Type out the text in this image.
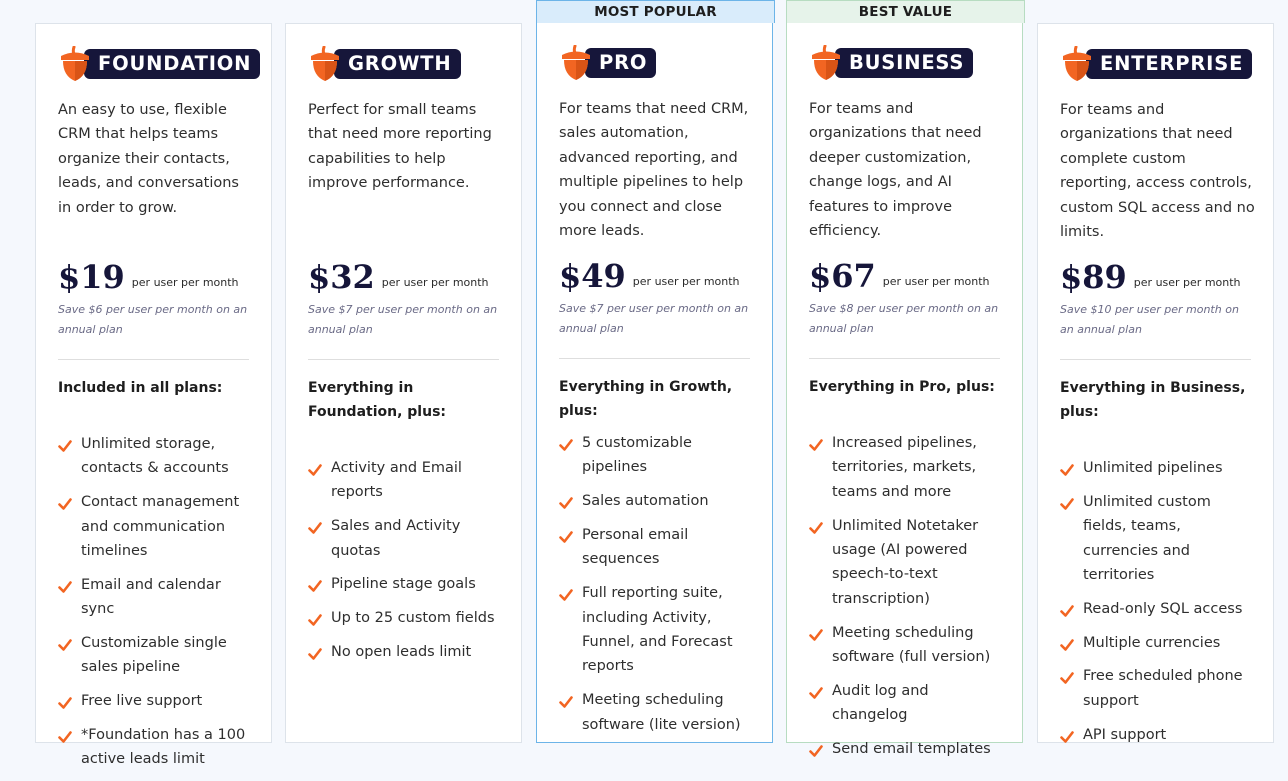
FOUNDATION
An easy to use, flexible CRM that helps teams organize their contacts, leads, and conversations in order to grow.
$19 per user per month
Save $6 per user per month on an annual plan
Included in all plans:
Unlimited storage, contacts & accounts
Contact management and communication timelines
Email and calendar sync
Customizable single sales pipeline
Free live support
*Foundation has a 100 active leads limit
GROWTH
Perfect for small teams that need more reporting capabilities to help improve performance.
$32 per user per month
Save $7 per user per month on an annual plan
Everything in Foundation, plus:
Activity and Email reports
Sales and Activity quotas
Pipeline stage goals
Up to 25 custom fields
No open leads limit
MOST POPULAR
PRO
For teams that need CRM, sales automation, advanced reporting, and multiple pipelines to help you connect and close more leads.
$49 per user per month
Save $7 per user per month on an annual plan
Everything in Growth, plus:
5 customizable pipelines
Sales automation
Personal email sequences
Full reporting suite, including Activity, Funnel, and Forecast reports
Meeting scheduling software (lite version)
BEST VALUE
BUSINESS
For teams and organizations that need deeper customization, change logs, and AI features to improve efficiency.
$67 per user per month
Save $8 per user per month on an annual plan
Everything in Pro, plus:
Increased pipelines, territories, markets, teams and more
Unlimited Notetaker usage (AI powered speech-to-text transcription)
Meeting scheduling software (full version)
Audit log and changelog
Send email templates
ENTERPRISE
For teams and organizations that need complete custom reporting, access controls, custom SQL access and no limits.
$89 per user per month
Save $10 per user per month on an annual plan
Everything in Business, plus:
Unlimited pipelines
Unlimited custom fields, teams, currencies and territories
Read-only SQL access
Multiple currencies
Free scheduled phone support
API support
